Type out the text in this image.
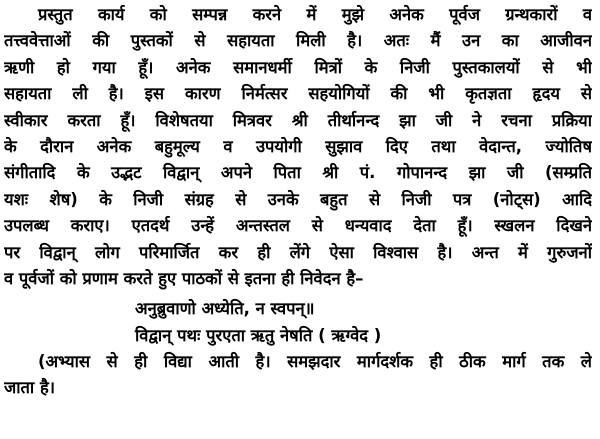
प्रस्तुत कार्य को सम्पन्न करने में मुझे अनेक पूर्वज ग्रन्थकारों व
तत्त्ववेत्ताओं की पुस्तकों से सहायता मिली है। अतः मैं उन का आजीवन
ऋणी हो गया हूँ। अनेक समानधर्मी मित्रों के निजी पुस्तकालयों से भी
सहायता ली है। इस कारण निर्मत्सर सहयोगियों की भी कृतज्ञता हृदय से
स्वीकार करता हूँ। विशेषतया मित्रवर श्री तीर्थानन्द झा जी ने रचना प्रक्रिया
के दौरान अनेक बहुमूल्य व उपयोगी सुझाव दिए तथा वेदान्त, ज्योतिष
संगीतादि के उद्भट विद्वान् अपने पिता श्री पं. गोपानन्द झा जी (सम्प्रति
यशः शेष) के निजी संग्रह से उनके बहुत से निजी पत्र (नोट्स) आदि
उपलब्ध कराए। एतदर्थ उन्हें अन्तस्तल से धन्यवाद देता हूँ। स्खलन दिखने
पर विद्वान् लोग परिमार्जित कर ही लेंगे ऐसा विश्वास है। अन्त में गुरुजनों
व पूर्वजों को प्रणाम करते हुए पाठकों से इतना ही निवेदन है–
अनुब्रुवाणो अध्येति, न स्वपन्॥
विद्वान् पथः पुरएता ऋतु नेषति ( ऋग्वेद )
(अभ्यास से ही विद्या आती है। समझदार मार्गदर्शक ही ठीक मार्ग तक ले
जाता है।
